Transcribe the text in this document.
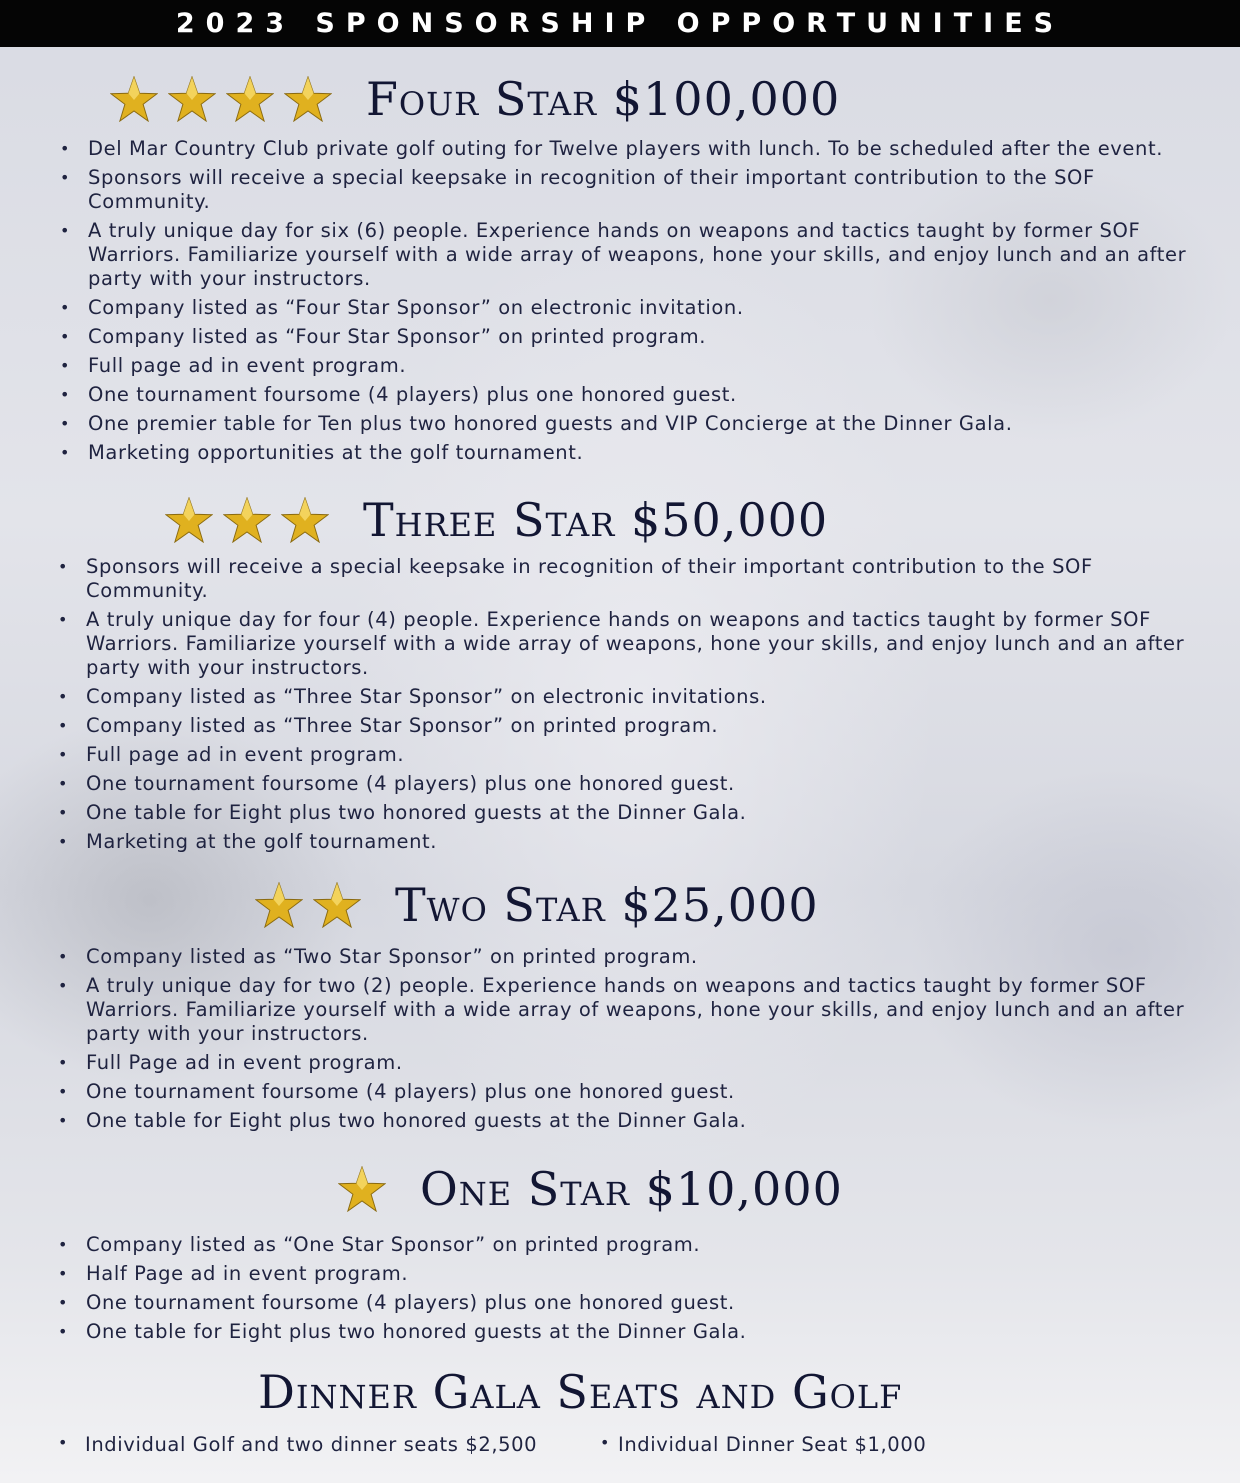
2023 SPONSORSHIP OPPORTUNITIES
Four Star $100,000
• Del Mar Country Club private golf outing for Twelve players with lunch. To be scheduled after the event.
• Sponsors will receive a special keepsake in recognition of their important contribution to the SOF Community.
• A truly unique day for six (6) people. Experience hands on weapons and tactics taught by former SOF Warriors. Familiarize yourself with a wide array of weapons, hone your skills, and enjoy lunch and an after party with your instructors.
• Company listed as “Four Star Sponsor” on electronic invitation.
• Company listed as “Four Star Sponsor” on printed program.
• Full page ad in event program.
• One tournament foursome (4 players) plus one honored guest.
• One premier table for Ten plus two honored guests and VIP Concierge at the Dinner Gala.
• Marketing opportunities at the golf tournament.
Three Star $50,000
• Sponsors will receive a special keepsake in recognition of their important contribution to the SOF Community.
• A truly unique day for four (4) people. Experience hands on weapons and tactics taught by former SOF Warriors. Familiarize yourself with a wide array of weapons, hone your skills, and enjoy lunch and an after party with your instructors.
• Company listed as “Three Star Sponsor” on electronic invitations.
• Company listed as “Three Star Sponsor” on printed program.
• Full page ad in event program.
• One tournament foursome (4 players) plus one honored guest.
• One table for Eight plus two honored guests at the Dinner Gala.
• Marketing at the golf tournament.
Two Star $25,000
• Company listed as “Two Star Sponsor” on printed program.
• A truly unique day for two (2) people. Experience hands on weapons and tactics taught by former SOF Warriors. Familiarize yourself with a wide array of weapons, hone your skills, and enjoy lunch and an after party with your instructors.
• Full Page ad in event program.
• One tournament foursome (4 players) plus one honored guest.
• One table for Eight plus two honored guests at the Dinner Gala.
One Star $10,000
• Company listed as “One Star Sponsor” on printed program.
• Half Page ad in event program.
• One tournament foursome (4 players) plus one honored guest.
• One table for Eight plus two honored guests at the Dinner Gala.
Dinner Gala Seats and Golf
• Individual Golf and two dinner seats $2,500	• Individual Dinner Seat $1,000
